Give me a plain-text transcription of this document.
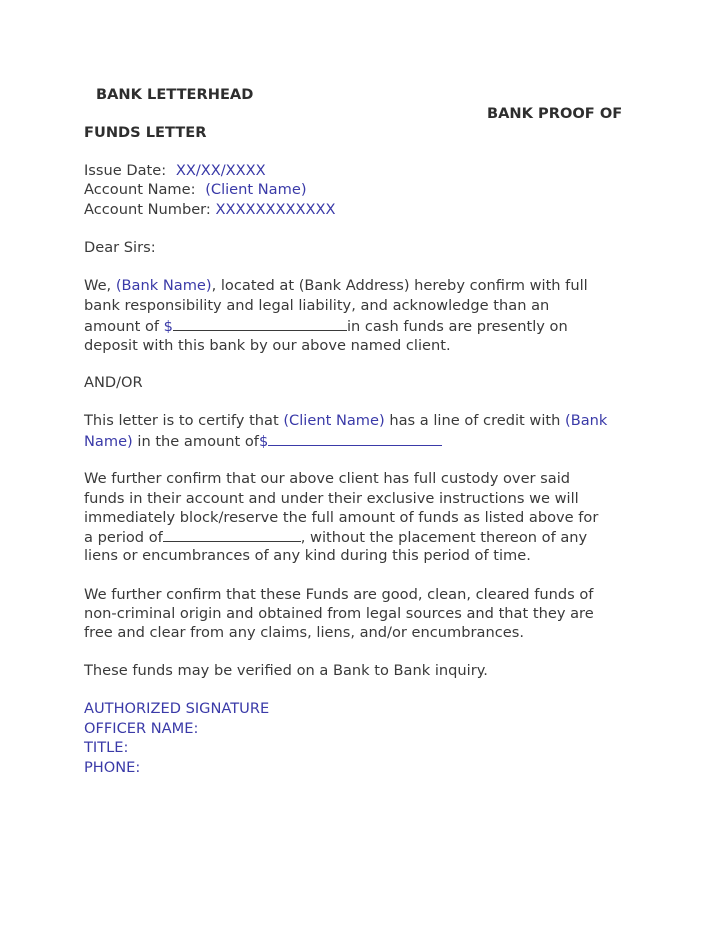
BANK LETTERHEAD
BANK PROOF OF
FUNDS LETTER
Issue Date: XX/XX/XXXX
Account Name: (Client Name)
Account Number: XXXXXXXXXXXX
Dear Sirs:
We, (Bank Name), located at (Bank Address) hereby confirm with full
bank responsibility and legal liability, and acknowledge than an
amount of $	in cash funds are presently on
deposit with this bank by our above named client.
AND/OR
This letter is to certify that (Client Name) has a line of credit with (Bank
Name) in the amount of$
We further confirm that our above client has full custody over said
funds in their account and under their exclusive instructions we will
immediately block/reserve the full amount of funds as listed above for
a period of	, without the placement thereon of any
liens or encumbrances of any kind during this period of time.
We further confirm that these Funds are good, clean, cleared funds of
non-criminal origin and obtained from legal sources and that they are
free and clear from any claims, liens, and/or encumbrances.
These funds may be verified on a Bank to Bank inquiry.
AUTHORIZED SIGNATURE
OFFICER NAME:
TITLE:
PHONE:
